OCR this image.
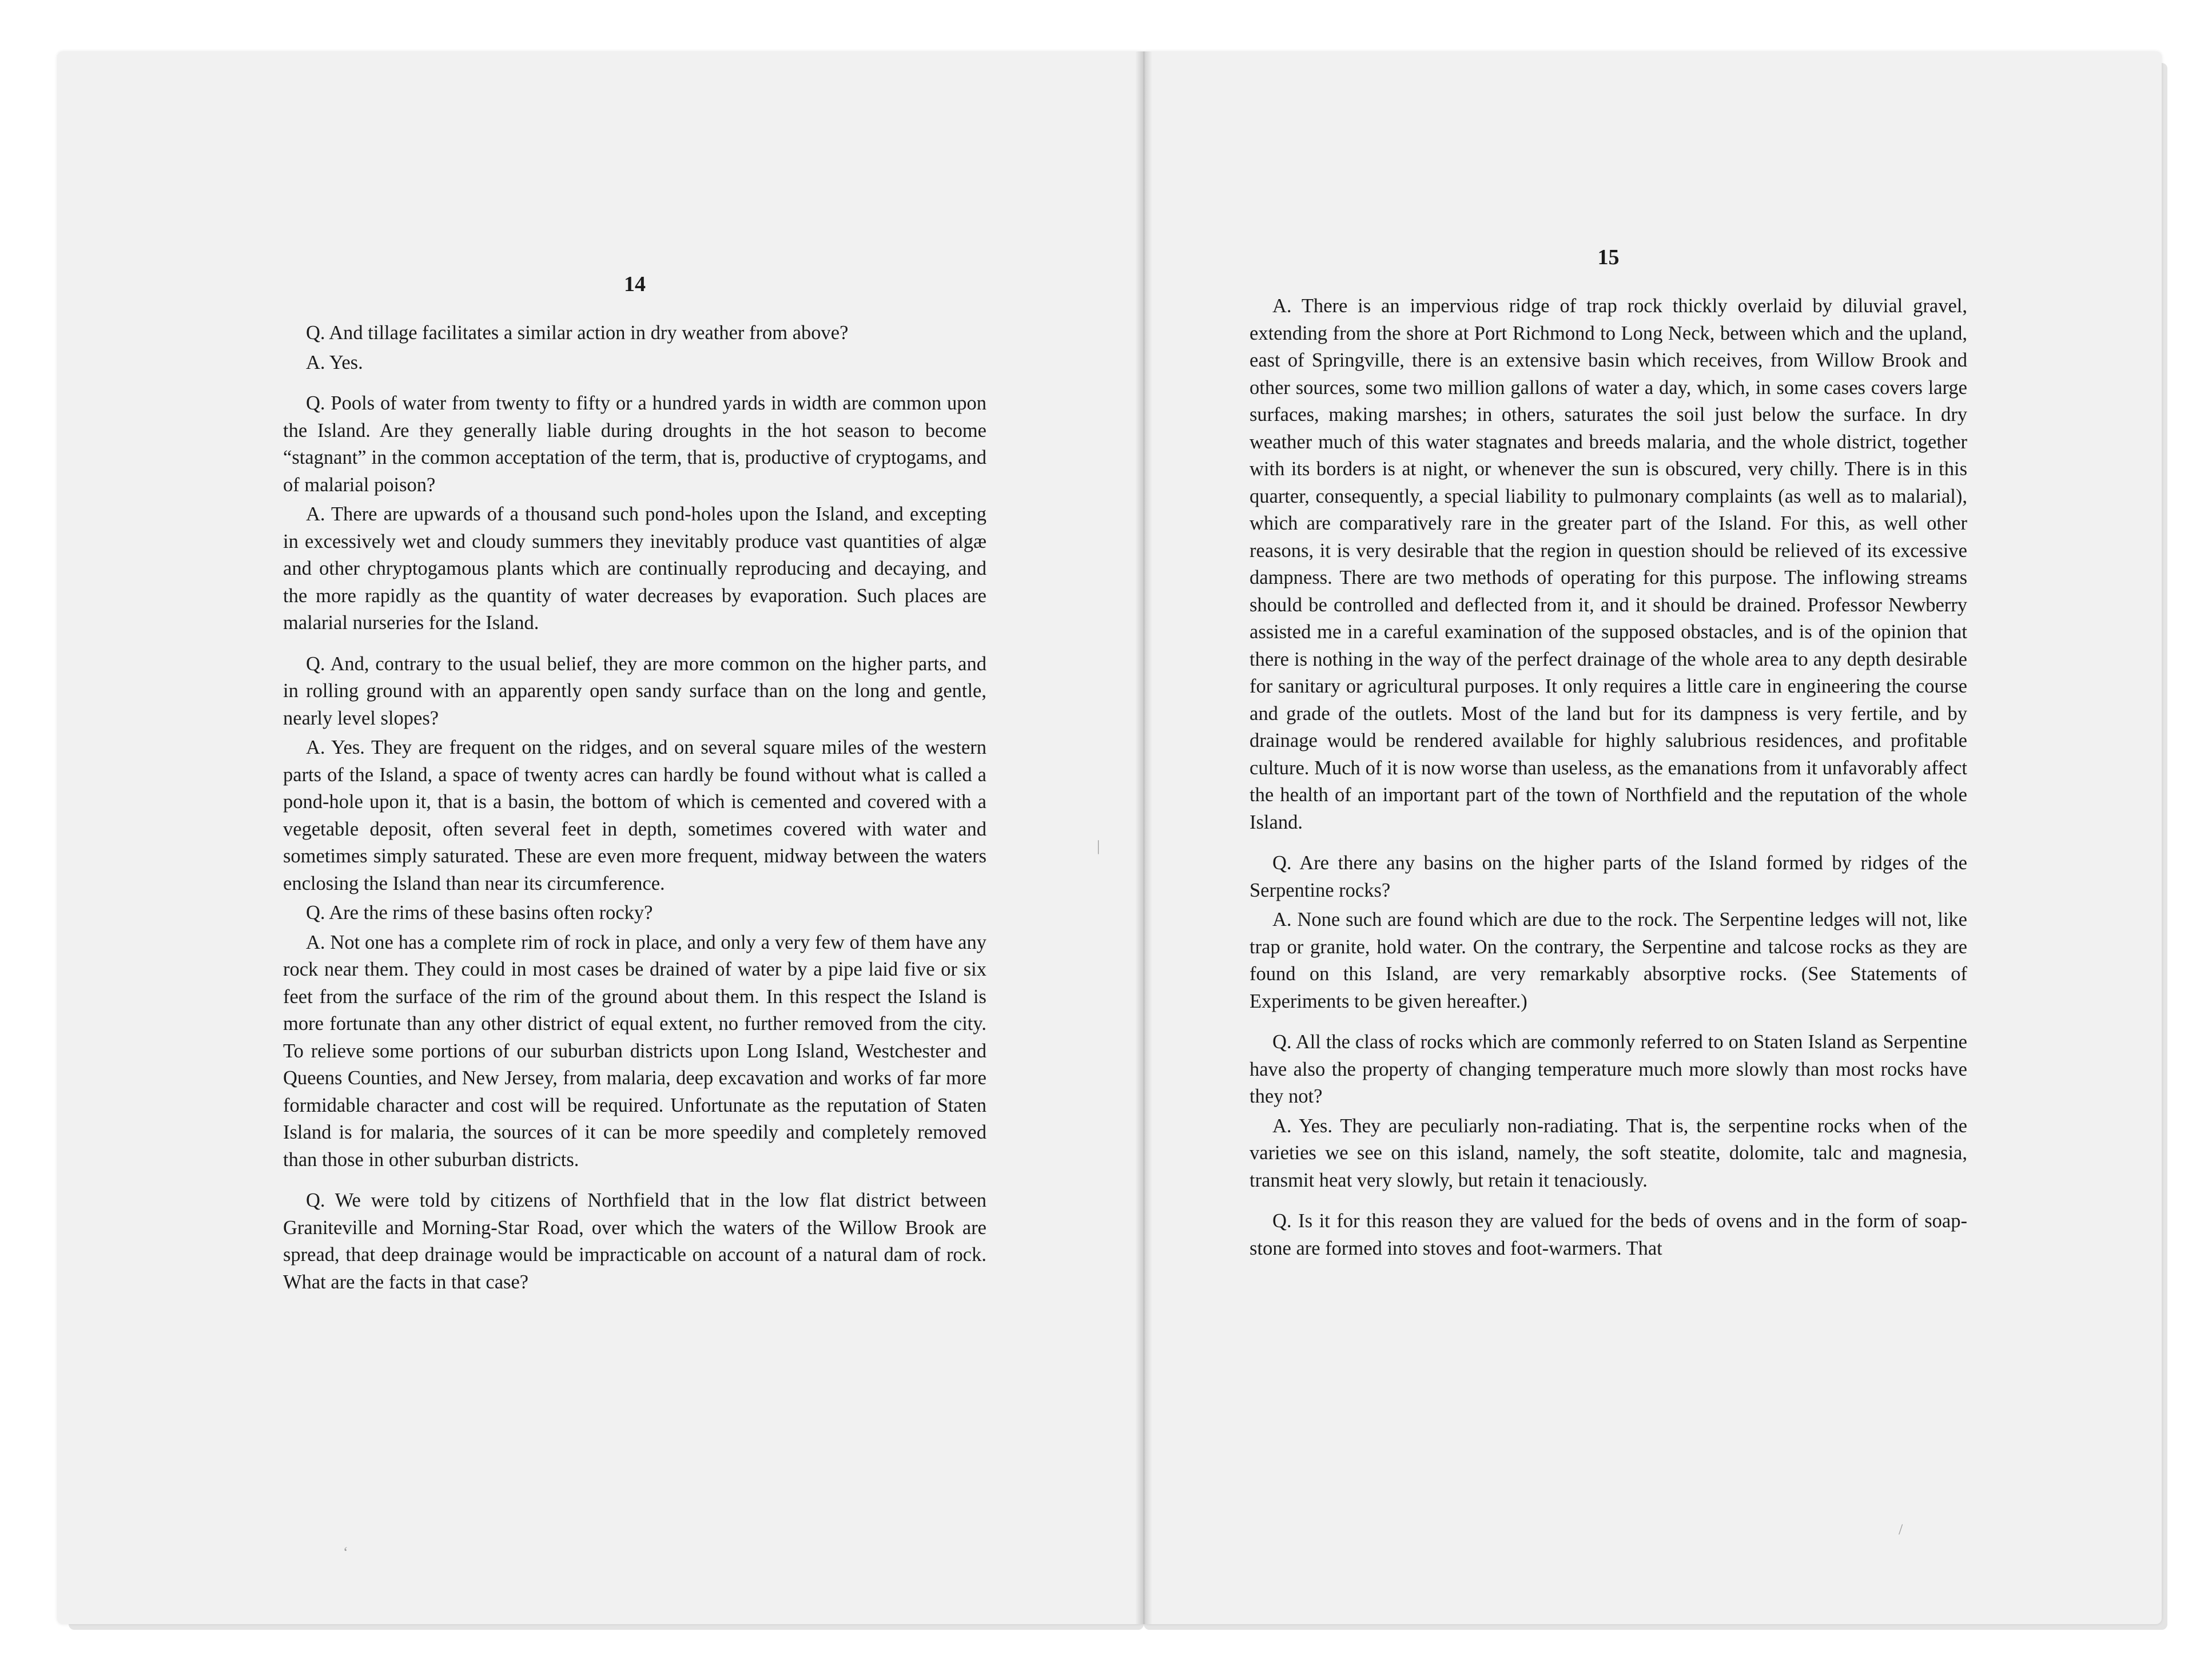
14

Q. And tillage facilitates a similar action in dry weather from above?

A. Yes.

Q. Pools of water from twenty to fifty or a hundred yards in width are common upon the Island. Are they generally liable during droughts in the hot season to become “stagnant” in the common acceptation of the term, that is, productive of cryptogams, and of malarial poison?

A. There are upwards of a thousand such pond-holes upon the Island, and excepting in excessively wet and cloudy summers they inevitably produce vast quantities of algæ and other chryptogamous plants which are continually reproducing and decaying, and the more rapidly as the quantity of water decreases by evaporation. Such places are malarial nurseries for the Island.

Q. And, contrary to the usual belief, they are more common on the higher parts, and in rolling ground with an apparently open sandy surface than on the long and gentle, nearly level slopes?

A. Yes. They are frequent on the ridges, and on several square miles of the western parts of the Island, a space of twenty acres can hardly be found without what is called a pond-hole upon it, that is a basin, the bottom of which is cemented and covered with a vegetable deposit, often several feet in depth, sometimes covered with water and sometimes simply saturated. These are even more frequent, midway between the waters enclosing the Island than near its circumference.

Q. Are the rims of these basins often rocky?

A. Not one has a complete rim of rock in place, and only a very few of them have any rock near them. They could in most cases be drained of water by a pipe laid five or six feet from the surface of the rim of the ground about them. In this respect the Island is more fortunate than any other district of equal extent, no further removed from the city. To relieve some portions of our suburban districts upon Long Island, Westchester and Queens Counties, and New Jersey, from malaria, deep excavation and works of far more formidable character and cost will be required. Unfortunate as the reputation of Staten Island is for malaria, the sources of it can be more speedily and completely removed than those in other suburban districts.

Q. We were told by citizens of Northfield that in the low flat district between Graniteville and Morning-Star Road, over which the waters of the Willow Brook are spread, that deep drainage would be impracticable on account of a natural dam of rock. What are the facts in that case?

15

A. There is an impervious ridge of trap rock thickly overlaid by diluvial gravel, extending from the shore at Port Richmond to Long Neck, between which and the upland, east of Springville, there is an extensive basin which receives, from Willow Brook and other sources, some two million gallons of water a day, which, in some cases covers large surfaces, making marshes; in others, saturates the soil just below the surface. In dry weather much of this water stagnates and breeds malaria, and the whole district, together with its borders is at night, or whenever the sun is obscured, very chilly. There is in this quarter, consequently, a special liability to pulmonary complaints (as well as to malarial), which are comparatively rare in the greater part of the Island. For this, as well other reasons, it is very desirable that the region in question should be relieved of its excessive dampness. There are two methods of operating for this purpose. The inflowing streams should be controlled and deflected from it, and it should be drained. Professor Newberry assisted me in a careful examination of the supposed obstacles, and is of the opinion that there is nothing in the way of the perfect drainage of the whole area to any depth desirable for sanitary or agricultural purposes. It only requires a little care in engineering the course and grade of the outlets. Most of the land but for its dampness is very fertile, and by drainage would be rendered available for highly salubrious residences, and profitable culture. Much of it is now worse than useless, as the emanations from it unfavorably affect the health of an important part of the town of Northfield and the reputation of the whole Island.

Q. Are there any basins on the higher parts of the Island formed by ridges of the Serpentine rocks?

A. None such are found which are due to the rock. The Serpentine ledges will not, like trap or granite, hold water. On the contrary, the Serpentine and talcose rocks as they are found on this Island, are very remarkably absorptive rocks. (See Statements of Experiments to be given hereafter.)

Q. All the class of rocks which are commonly referred to on Staten Island as Serpentine have also the property of changing temperature much more slowly than most rocks have they not?

A. Yes. They are peculiarly non-radiating. That is, the serpentine rocks when of the varieties we see on this island, namely, the soft steatite, dolomite, talc and magnesia, transmit heat very slowly, but retain it tenaciously.

Q. Is it for this reason they are valued for the beds of ovens and in the form of soap-stone are formed into stoves and foot-warmers. That

‘
|
/
